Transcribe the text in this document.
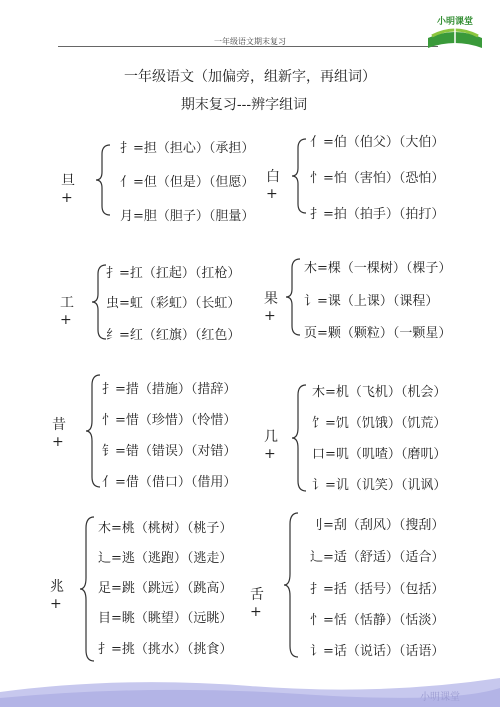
一年级语文期末复习
小明课堂
一年级语文（加偏旁，组新字，再组词）
期末复习---辨字组词
旦+
扌=担（担心）（承担）
亻=但（但是）（但愿）
月=胆（胆子）（胆量）
白+
亻=伯（伯父）（大伯）
忄=怕（害怕）（恐怕）
扌=拍（拍手）（拍打）
工+
扌=扛（扛起）（扛枪）
虫=虹（彩虹）（长虹）
纟=红（红旗）（红色）
果+
木=棵（一棵树）（棵子）
讠=课（上课）（课程）
页=颗（颗粒）（一颗星）
昔+
扌=措（措施）（措辞）
忄=惜（珍惜）（怜惜）
钅=错（错误）（对错）
亻=借（借口）（借用）
几+
木=机（飞机）（机会）
饣=饥（饥饿）（饥荒）
口=叽（叽喳）（磨叽）
讠=讥（讥笑）（讥讽）
兆+
木=桃（桃树）（桃子）
辶=逃（逃跑）（逃走）
足=跳（跳远）（跳高）
目=眺（眺望）（远眺）
扌=挑（挑水）（挑食）
舌+
刂=刮（刮风）（搜刮）
辶=适（舒适）（适合）
扌=括（括号）（包括）
忄=恬（恬静）（恬淡）
讠=话（说话）（话语）
小明课堂
